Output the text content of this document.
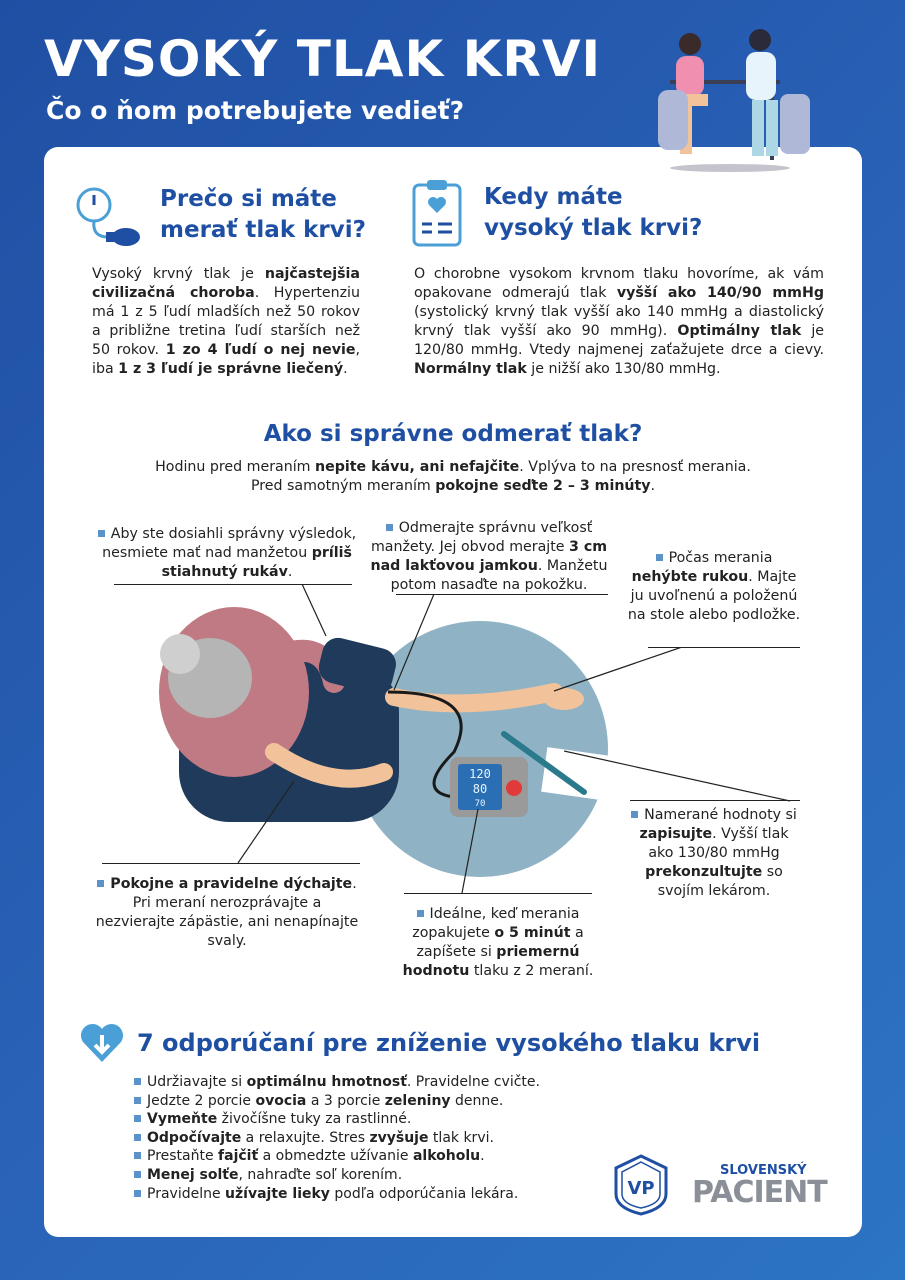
VYSOKÝ TLAK KRVI
Čo o ňom potrebujete vedieť?
Prečo si máte
merať tlak krvi?
Vysoký krvný tlak je najčastejšia civilizačná choroba. Hypertenziu má 1 z 5 ľudí mladších než 50 rokov a približne tretina ľudí starších než 50 rokov. 1 zo 4 ľudí o nej nevie, iba 1 z 3 ľudí je správne liečený.
Kedy máte
vysoký tlak krvi?
O chorobne vysokom krvnom tlaku hovoríme, ak vám opakovane odmerajú tlak vyšší ako 140/90 mmHg (systolický krvný tlak vyšší ako 140 mmHg a diastolický krvný tlak vyšší ako 90 mmHg). Optimálny tlak je 120/80 mmHg. Vtedy najmenej zaťažujete drce a cievy. Normálny tlak je nižší ako 130/80 mmHg.
Ako si správne odmerať tlak?
Hodinu pred meraním nepite kávu, ani nefajčite. Vplýva to na presnosť merania.
Pred samotným meraním pokojne seďte 2 – 3 minúty.
120
80
70
Aby ste dosiahli správny výsledok, nesmiete mať nad manžetou príliš stiahnutý rukáv.
Odmerajte správnu veľkosť manžety. Jej obvod merajte 3 cm nad lakťovou jamkou. Manžetu potom nasaďte na pokožku.
Počas merania nehýbte rukou. Majte ju uvoľnenú a položenú na stole alebo podložke.
Pokojne a pravidelne dýchajte. Pri meraní nerozprávajte a nezvierajte zápästie, ani nenapínajte svaly.
Namerané hodnoty si zapisujte. Vyšší tlak ako 130/80 mmHg prekonzultujte so svojím lekárom.
Ideálne, keď merania zopakujete o 5 minút a zapíšete si priemernú hodnotu tlaku z 2 meraní.
7 odporúčaní pre zníženie vysokého tlaku krvi
Udržiavajte si optimálnu hmotnosť. Pravidelne cvičte.
Jedzte 2 porcie ovocia a 3 porcie zeleniny denne.
Vymeňte živočíšne tuky za rastlinné.
Odpočívajte a relaxujte. Stres zvyšuje tlak krvi.
Prestaňte fajčiť a obmedzte užívanie alkoholu.
Menej solťe, nahraďte soľ korením.
Pravidelne užívajte lieky podľa odporúčania lekára.	VP
SLOVENSKÝ
PACIENT
